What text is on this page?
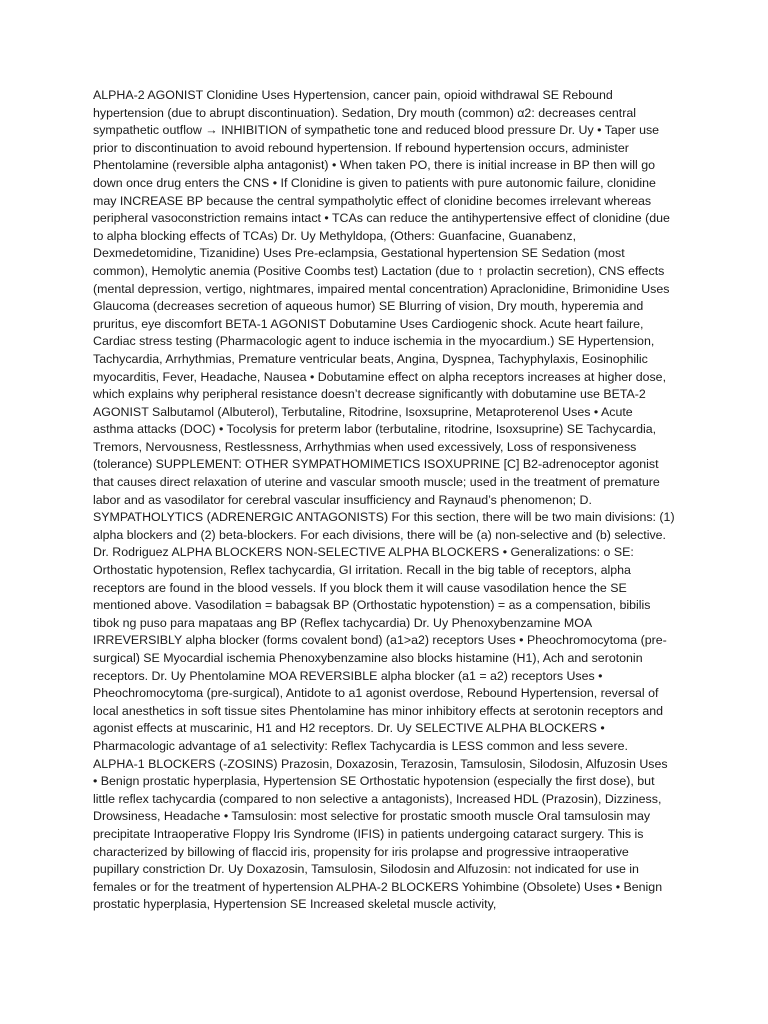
ALPHA-2 AGONIST Clonidine Uses Hypertension, cancer pain, opioid withdrawal SE Rebound hypertension (due to abrupt discontinuation). Sedation, Dry mouth (common) α2: decreases central sympathetic outflow → INHIBITION of sympathetic tone and reduced blood pressure Dr. Uy • Taper use prior to discontinuation to avoid rebound hypertension. If rebound hypertension occurs, administer Phentolamine (reversible alpha antagonist) • When taken PO, there is initial increase in BP then will go down once drug enters the CNS • If Clonidine is given to patients with pure autonomic failure, clonidine may INCREASE BP because the central sympatholytic effect of clonidine becomes irrelevant whereas peripheral vasoconstriction remains intact • TCAs can reduce the antihypertensive effect of clonidine (due to alpha blocking effects of TCAs) Dr. Uy Methyldopa, (Others: Guanfacine, Guanabenz, Dexmedetomidine, Tizanidine) Uses Pre-eclampsia, Gestational hypertension SE Sedation (most common), Hemolytic anemia (Positive Coombs test) Lactation (due to ↑ prolactin secretion), CNS effects (mental depression, vertigo, nightmares, impaired mental concentration) Apraclonidine, Brimonidine Uses Glaucoma (decreases secretion of aqueous humor) SE Blurring of vision, Dry mouth, hyperemia and pruritus, eye discomfort BETA-1 AGONIST Dobutamine Uses Cardiogenic shock. Acute heart failure, Cardiac stress testing (Pharmacologic agent to induce ischemia in the myocardium.) SE Hypertension, Tachycardia, Arrhythmias, Premature ventricular beats, Angina, Dyspnea, Tachyphylaxis, Eosinophilic myocarditis, Fever, Headache, Nausea • Dobutamine effect on alpha receptors increases at higher dose, which explains why peripheral resistance doesn’t decrease significantly with dobutamine use BETA-2 AGONIST Salbutamol (Albuterol), Terbutaline, Ritodrine, Isoxsuprine, Metaproterenol Uses • Acute asthma attacks (DOC) • Tocolysis for preterm labor (terbutaline, ritodrine, Isoxsuprine) SE Tachycardia, Tremors, Nervousness, Restlessness, Arrhythmias when used excessively, Loss of responsiveness (tolerance) SUPPLEMENT: OTHER SYMPATHOMIMETICS ISOXUPRINE [C] B2-adrenoceptor agonist that causes direct relaxation of uterine and vascular smooth muscle; used in the treatment of premature labor and as vasodilator for cerebral vascular insufficiency and Raynaud’s phenomenon; D. SYMPATHOLYTICS (ADRENERGIC ANTAGONISTS) For this section, there will be two main divisions: (1) alpha blockers and (2) beta-blockers. For each divisions, there will be (a) non-selective and (b) selective. Dr. Rodriguez ALPHA BLOCKERS NON-SELECTIVE ALPHA BLOCKERS • Generalizations: o SE: Orthostatic hypotension, Reflex tachycardia, GI irritation. Recall in the big table of receptors, alpha receptors are found in the blood vessels. If you block them it will cause vasodilation hence the SE mentioned above. Vasodilation = babagsak BP (Orthostatic hypotenstion) = as a compensation, bibilis tibok ng puso para mapataas ang BP (Reflex tachycardia) Dr. Uy Phenoxybenzamine MOA IRREVERSIBLY alpha blocker (forms covalent bond) (a1>a2) receptors Uses • Pheochromocytoma (pre-surgical) SE Myocardial ischemia Phenoxybenzamine also blocks histamine (H1), Ach and serotonin receptors. Dr. Uy Phentolamine MOA REVERSIBLE alpha blocker (a1 = a2) receptors Uses • Pheochromocytoma (pre-surgical), Antidote to a1 agonist overdose, Rebound Hypertension, reversal of local anesthetics in soft tissue sites Phentolamine has minor inhibitory effects at serotonin receptors and agonist effects at muscarinic, H1 and H2 receptors. Dr. Uy SELECTIVE ALPHA BLOCKERS • Pharmacologic advantage of a1 selectivity: Reflex Tachycardia is LESS common and less severe. ALPHA-1 BLOCKERS (-ZOSINS) Prazosin, Doxazosin, Terazosin, Tamsulosin, Silodosin, Alfuzosin Uses • Benign prostatic hyperplasia, Hypertension SE Orthostatic hypotension (especially the first dose), but little reflex tachycardia (compared to non selective a antagonists), Increased HDL (Prazosin), Dizziness, Drowsiness, Headache • Tamsulosin: most selective for prostatic smooth muscle Oral tamsulosin may precipitate Intraoperative Floppy Iris Syndrome (IFIS) in patients undergoing cataract surgery. This is characterized by billowing of flaccid iris, propensity for iris prolapse and progressive intraoperative pupillary constriction Dr. Uy Doxazosin, Tamsulosin, Silodosin and Alfuzosin: not indicated for use in females or for the treatment of hypertension ALPHA-2 BLOCKERS Yohimbine (Obsolete) Uses • Benign prostatic hyperplasia, Hypertension SE Increased skeletal muscle activity,
